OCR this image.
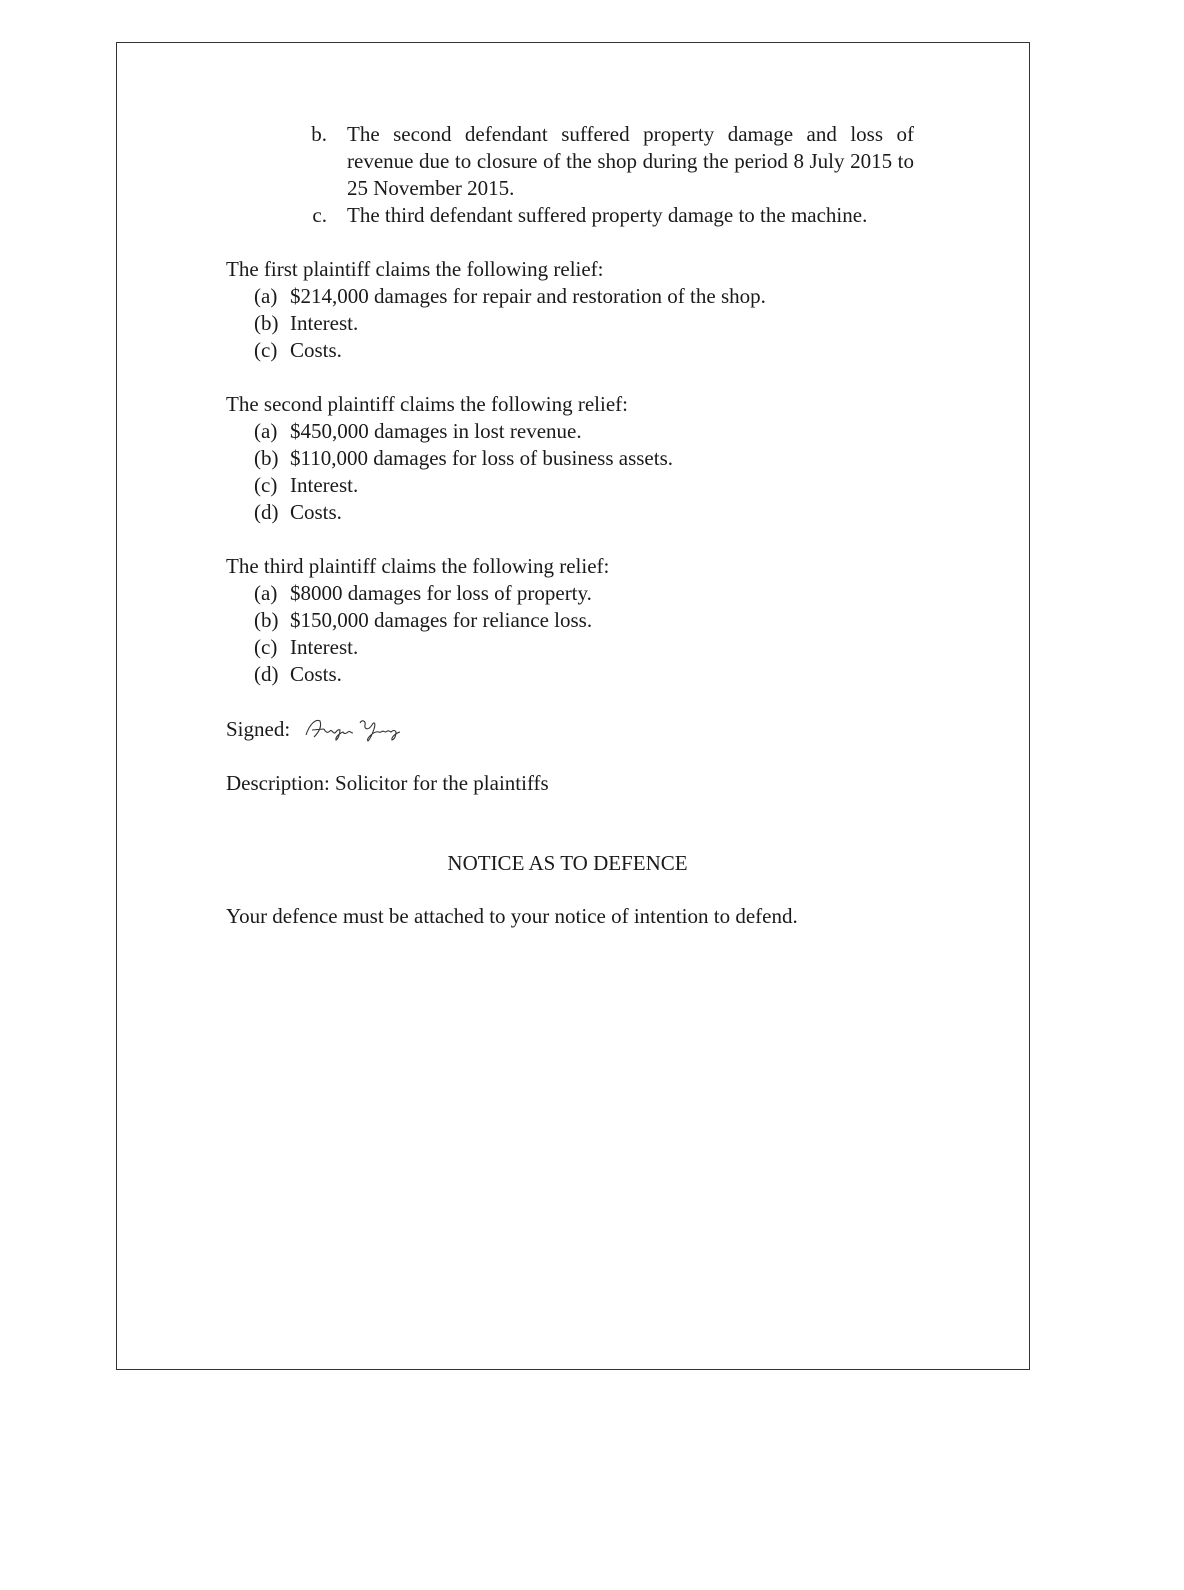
b. The second defendant suffered property damage and loss of revenue due to closure of the shop during the period 8 July 2015 to 25 November 2015.
c. The third defendant suffered property damage to the machine.

The first plaintiff claims the following relief:

(a) $214,000 damages for repair and restoration of the shop.
(b) Interest.
(c) Costs.

The second plaintiff claims the following relief:

(a) $450,000 damages in lost revenue.
(b) $110,000 damages for loss of business assets.
(c) Interest.
(d) Costs.

The third plaintiff claims the following relief:

(a) $8000 damages for loss of property.
(b) $150,000 damages for reliance loss.
(c) Interest.
(d) Costs.
Signed:
Description: Solicitor for the plaintiffs
NOTICE AS TO DEFENCE
Your defence must be attached to your notice of intention to defend.
